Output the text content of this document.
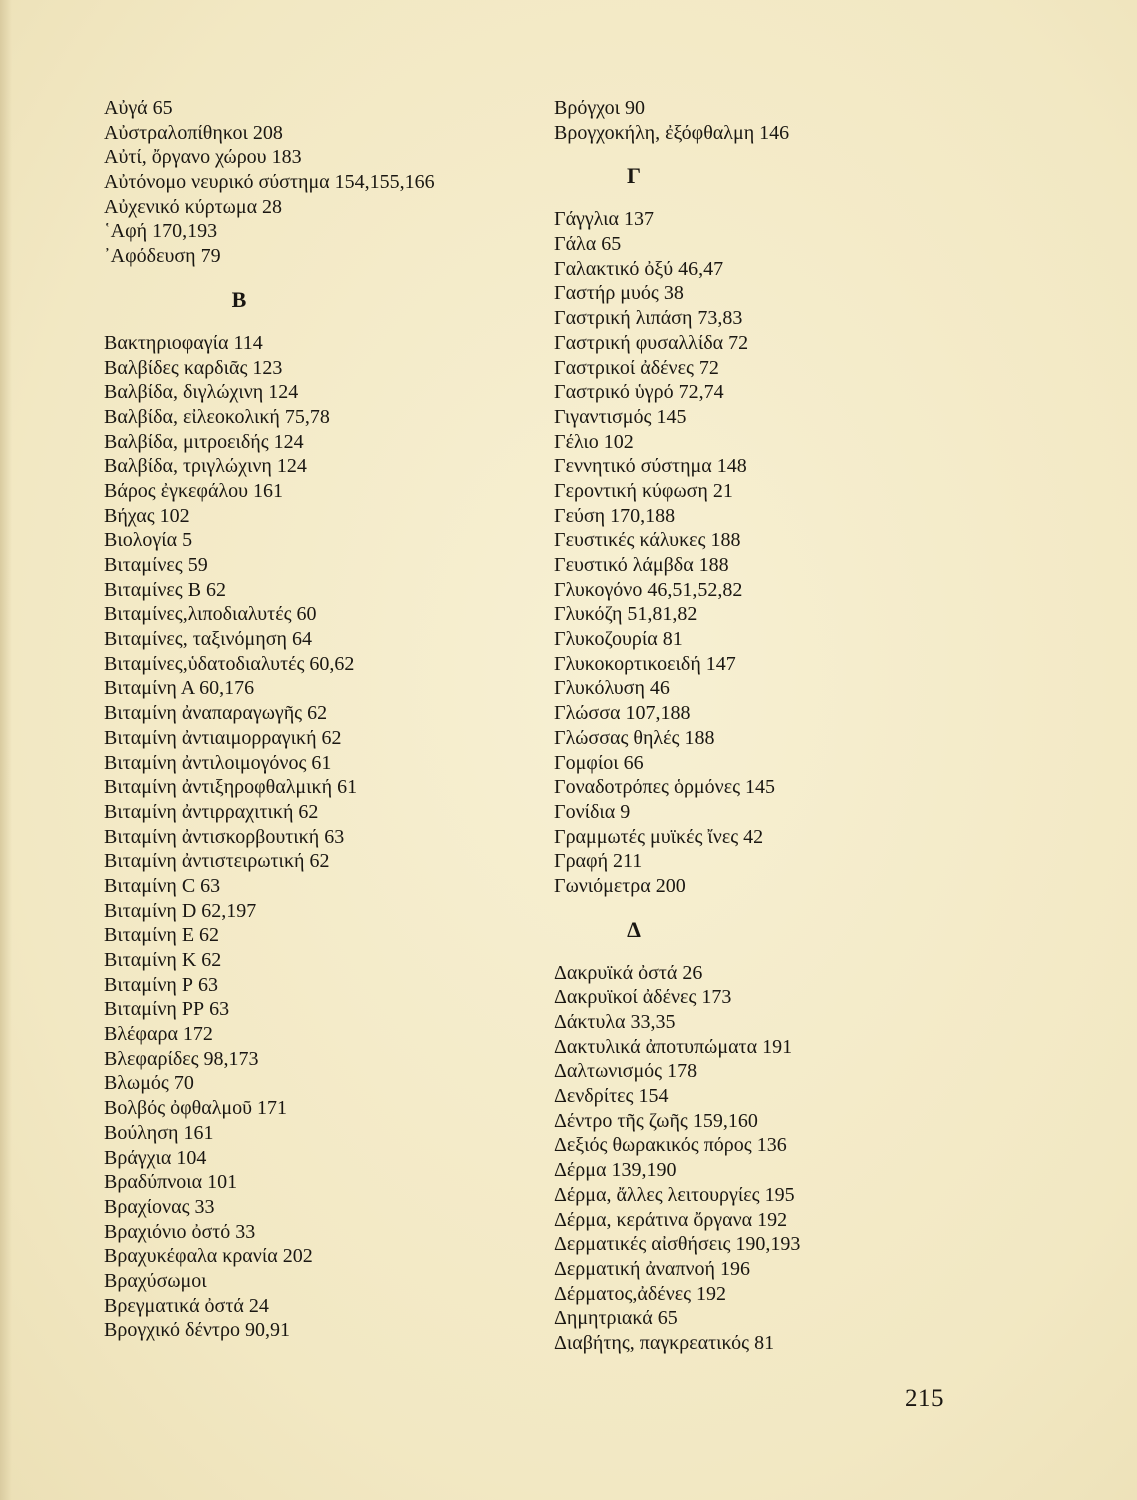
Αὐγά 65
Αὐστραλοπίθηκοι 208
Αὐτί, ὄργανο χώρου 183
Αὐτόνομο νευρικό σύστημα 154,155,166
Αὐχενικό κύρτωμα 28
῾Αφή 170,193
᾿Αφόδευση 79
Β
Βακτηριοφαγία 114
Βαλβίδες καρδιᾶς 123
Βαλβίδα, διγλώχινη 124
Βαλβίδα, εἰλεοκολική 75,78
Βαλβίδα, μιτροειδής 124
Βαλβίδα, τριγλώχινη 124
Βάρος ἐγκεφάλου 161
Βήχας 102
Βιολογία 5
Βιταμίνες 59
Βιταμίνες Β 62
Βιταμίνες,λιποδιαλυτές 60
Βιταμίνες, ταξινόμηση 64
Βιταμίνες,ὑδατοδιαλυτές 60,62
Βιταμίνη Α 60,176
Βιταμίνη ἀναπαραγωγῆς 62
Βιταμίνη ἀντιαιμορραγική 62
Βιταμίνη ἀντιλοιμογόνος 61
Βιταμίνη ἀντιξηροφθαλμική 61
Βιταμίνη ἀντιρραχιτική 62
Βιταμίνη ἀντισκορβουτική 63
Βιταμίνη ἀντιστειρωτική 62
Βιταμίνη C 63
Βιταμίνη D 62,197
Βιταμίνη Ε 62
Βιταμίνη Κ 62
Βιταμίνη Ρ 63
Βιταμίνη ΡΡ 63
Βλέφαρα 172
Βλεφαρίδες 98,173
Βλωμός 70
Βολβός ὀφθαλμοῦ 171
Βούληση 161
Βράγχια 104
Βραδύπνοια 101
Βραχίονας 33
Βραχιόνιο ὀστό 33
Βραχυκέφαλα κρανία 202
Βραχύσωμοι
Βρεγματικά ὀστά 24
Βρογχικό δέντρο 90,91
Βρόγχοι 90
Βρογχοκήλη, ἐξόφθαλμη 146
Γ
Γάγγλια 137
Γάλα 65
Γαλακτικό ὀξύ 46,47
Γαστήρ μυός 38
Γαστρική λιπάση 73,83
Γαστρική φυσαλλίδα 72
Γαστρικοί ἀδένες 72
Γαστρικό ὑγρό 72,74
Γιγαντισμός 145
Γέλιο 102
Γεννητικό σύστημα 148
Γεροντική κύφωση 21
Γεύση 170,188
Γευστικές κάλυκες 188
Γευστικό λάμβδα 188
Γλυκογόνο 46,51,52,82
Γλυκόζη 51,81,82
Γλυκοζουρία 81
Γλυκοκορτικοειδή 147
Γλυκόλυση 46
Γλώσσα 107,188
Γλώσσας θηλές 188
Γομφίοι 66
Γοναδοτρόπες ὁρμόνες 145
Γονίδια 9
Γραμμωτές μυϊκές ἴνες 42
Γραφή 211
Γωνιόμετρα 200
Δ
Δακρυϊκά ὀστά 26
Δακρυϊκοί ἀδένες 173
Δάκτυλα 33,35
Δακτυλικά ἀποτυπώματα 191
Δαλτωνισμός 178
Δενδρίτες 154
Δέντρο τῆς ζωῆς 159,160
Δεξιός θωρακικός πόρος 136
Δέρμα 139,190
Δέρμα, ἄλλες λειτουργίες 195
Δέρμα, κεράτινα ὄργανα 192
Δερματικές αἰσθήσεις 190,193
Δερματική ἀναπνοή 196
Δέρματος,ἀδένες 192
Δημητριακά 65
Διαβήτης, παγκρεατικός 81
215
